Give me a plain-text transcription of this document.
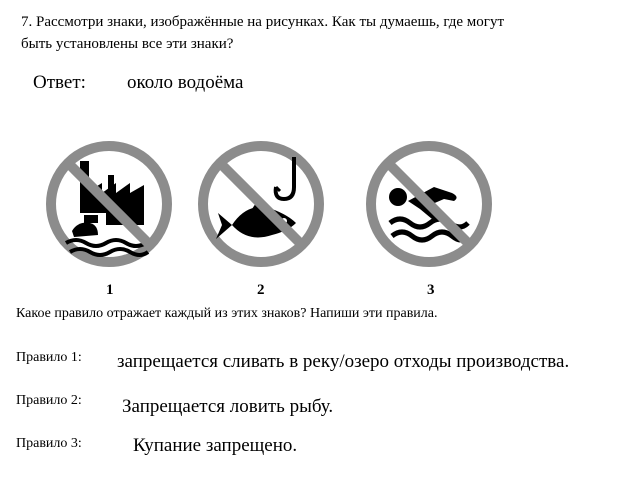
7. Рассмотри знаки, изображённые на рисунках. Как ты думаешь, где могут
быть установлены все эти знаки?
Ответ: около водоёма
1	2	3
Какое правило отражает каждый из этих знаков? Напиши эти правила.
Правило 1: запрещается сливать в реку/озеро отходы производства.
Правило 2: Запрещается ловить рыбу.
Правило 3:	Купание запрещено.
